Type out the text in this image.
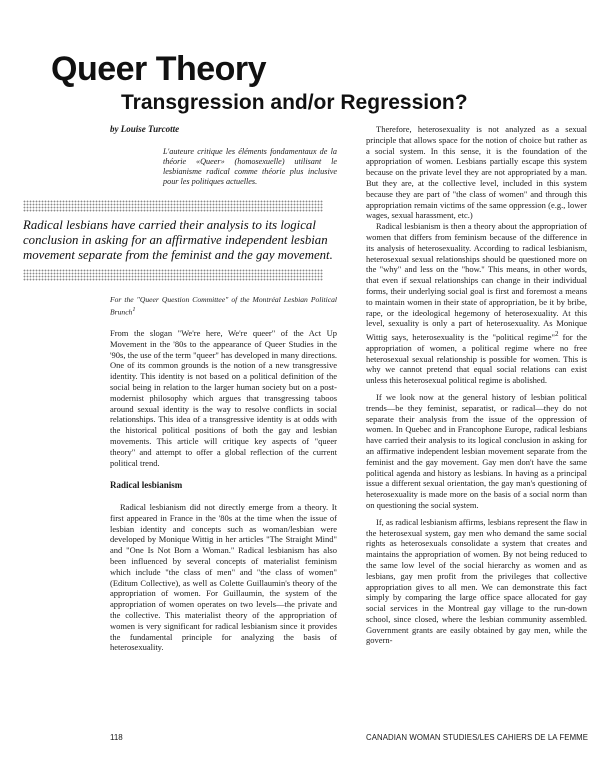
Queer Theory
Transgression and/or Regression?
by Louise Turcotte
L'auteure critique les éléments fondamentaux de la théorie «Queer» (homosexuelle) utilisant le lesbianisme radical comme théorie plus inclusive pour les politiques actuelles.
Radical lesbians have carried their analysis to its logical conclusion in asking for an affirmative independent lesbian movement separate from the feminist and the gay movement.
For the "Queer Question Committee" of the Montréal Lesbian Political Brunch$^1$

From the slogan "We're here, We're queer" of the Act Up Movement in the '80s to the appearance of Queer Studies in the '90s, the use of the term "queer" has developed in many directions. One of its common grounds is the notion of a new transgressive identity. This identity is not based on a political definition of the social being in relation to the larger human society but on a post-modernist philosophy which argues that transgressing taboos around sexual identity is the way to resolve conflicts in social relationships. This idea of a transgressive identity is at odds with the historical political positions of both the gay and lesbian movements. This article will critique key aspects of "queer theory" and attempt to offer a global reflection of the current political trend.

Radical lesbianism

Radical lesbianism did not directly emerge from a theory. It first appeared in France in the '80s at the time when the issue of lesbian identity and concepts such as woman/lesbian were developed by Monique Wittig in her articles "The Straight Mind" and "One Is Not Born a Woman." Radical lesbianism has also been influenced by several concepts of materialist feminism which include "the class of men" and "the class of women" (Editum Collective), as well as Colette Guillaumin's theory of the appropriation of women. For Guillaumin, the system of the appropriation of women operates on two levels—the private and the collective. This materialist theory of the appropriation of women is very significant for radical lesbianism since it provides the fundamental principle for analyzing the basis of heterosexuality.

Therefore, heterosexuality is not analyzed as a sexual principle that allows space for the notion of choice but rather as a social system. In this sense, it is the foundation of the appropriation of women. Lesbians partially escape this system because on the private level they are not appropriated by a man. But they are, at the collective level, included in this system because they are part of "the class of women" and through this appropriation remain victims of the same oppression (e.g., lower wages, sexual harassment, etc.)

Radical lesbianism is then a theory about the appropriation of women that differs from feminism because of the difference in its analysis of heterosexuality. According to radical lesbianism, heterosexual sexual relationships should be questioned more on the "why" and less on the "how." This means, in other words, that even if sexual relationships can change in their individual forms, their underlying social goal is first and foremost a means to maintain women in their state of appropriation, be it by bribe, rape, or the ideological hegemony of heterosexuality. At this level, sexuality is only a part of heterosexuality. As Monique Wittig says, heterosexuality is the "political regime"$^2$ for the appropriation of women, a political regime where no free heterosexual sexual relationship is possible for women. This is why we cannot pretend that equal social relations can exist unless this heterosexual political regime is abolished.

If we look now at the general history of lesbian political trends—be they feminist, separatist, or radical—they do not separate their analysis from the issue of the oppression of women. In Quebec and in Francophone Europe, radical lesbians have carried their analysis to its logical conclusion in asking for an affirmative independent lesbian movement separate from the feminist and the gay movement. Gay men don't have the same political agenda and history as lesbians. In having as a principal issue a different sexual orientation, the gay man's questioning of heterosexuality is made more on the basis of a social norm than on questioning the social system.

If, as radical lesbianism affirms, lesbians represent the flaw in the heterosexual system, gay men who demand the same social rights as heterosexuals consolidate a system that creates and maintains the appropriation of women. By not being reduced to the same low level of the social hierarchy as women and as lesbians, gay men profit from the privileges that collective appropriation gives to all men. We can demonstrate this fact simply by comparing the large office space allocated for gay social services in the Montreal gay village to the run-down school, since closed, where the lesbian community assembled. Government grants are easily obtained by gay men, while the govern-

118	CANADIAN WOMAN STUDIES/LES CAHIERS DE LA FEMME
